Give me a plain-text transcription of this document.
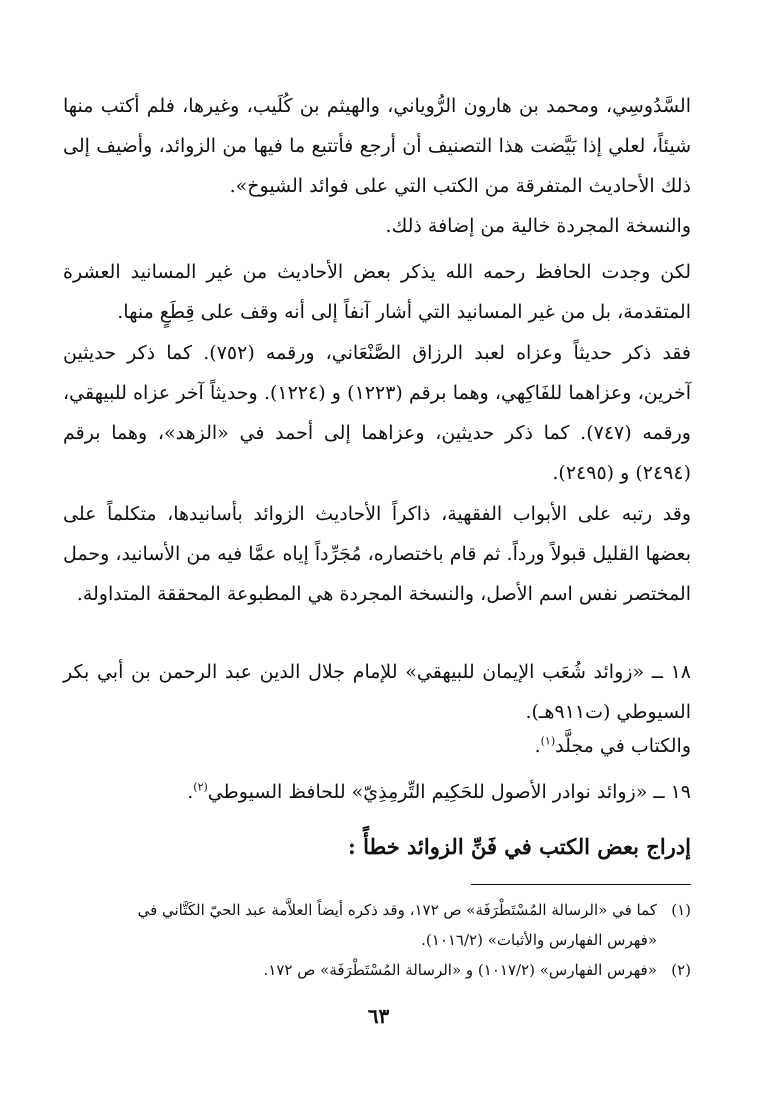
السَّدُوسِي، ومحمد بن هارون الرُّوياني، والهيثم بن كُلَيب، وغيرها، فلم أكتب منها شيئاً، لعلي إذا بَيَّضت هذا التصنيف أن أرجع فأتتبع ما فيها من الزوائد، وأضيف إلى ذلك الأحاديث المتفرقة من الكتب التي على فوائد الشيوخ».

والنسخة المجردة خالية من إضافة ذلك.

لكن وجدت الحافظ رحمه الله يذكر بعض الأحاديث من غير المسانيد العشرة المتقدمة، بل من غير المسانيد التي أشار آنفاً إلى أنه وقف على قِطَعٍ منها.

فقد ذكر حديثاً وعزاه لعبد الرزاق الصَّنْعَاني، ورقمه (٧٥٢). كما ذكر حديثين آخرين، وعزاهما للفَاكِهي، وهما برقم (١٢٢٣) و (١٢٢٤). وحديثاً آخر عزاه للبيهقي، ورقمه (٧٤٧). كما ذكر حديثين، وعزاهما إلى أحمد في «الزهد»، وهما برقم (٢٤٩٤) و (٢٤٩٥).

وقد رتبه على الأبواب الفقهية، ذاكراً الأحاديث الزوائد بأسانيدها، متكلماً على بعضها القليل قبولاً ورداً. ثم قام باختصاره، مُجَرِّداً إياه عمَّا فيه من الأسانيد، وحمل المختصر نفس اسم الأصل، والنسخة المجردة هي المطبوعة المحققة المتداولة.

١٨ ــ «زوائد شُعَب الإيمان للبيهقي» للإمام جلال الدين عبد الرحمن بن أبي بكر السيوطي (ت٩١١هـ).

والكتاب في مجلَّد$^{(١)}$.

١٩ ــ «زوائد نوادر الأصول للحَكِيم التِّرمِذِيّ» للحافظ السيوطي$^{(٢)}$.

إدراج بعض الكتب في فَنِّ الزوائد خطأً :

(١)   كما في «الرسالة المُسْتَطْرَفَة» ص ١٧٢، وقد ذكره أيضاً العلاَّمة عبد الحيّ الكَتَّاني في
«فهرس الفهارس والأثبات» (١٠١٦/٢).
(٢)   «فهرس الفهارس» (١٠١٧/٢) و «الرسالة المُسْتَطْرَفَة» ص ١٧٢.
٦٣
